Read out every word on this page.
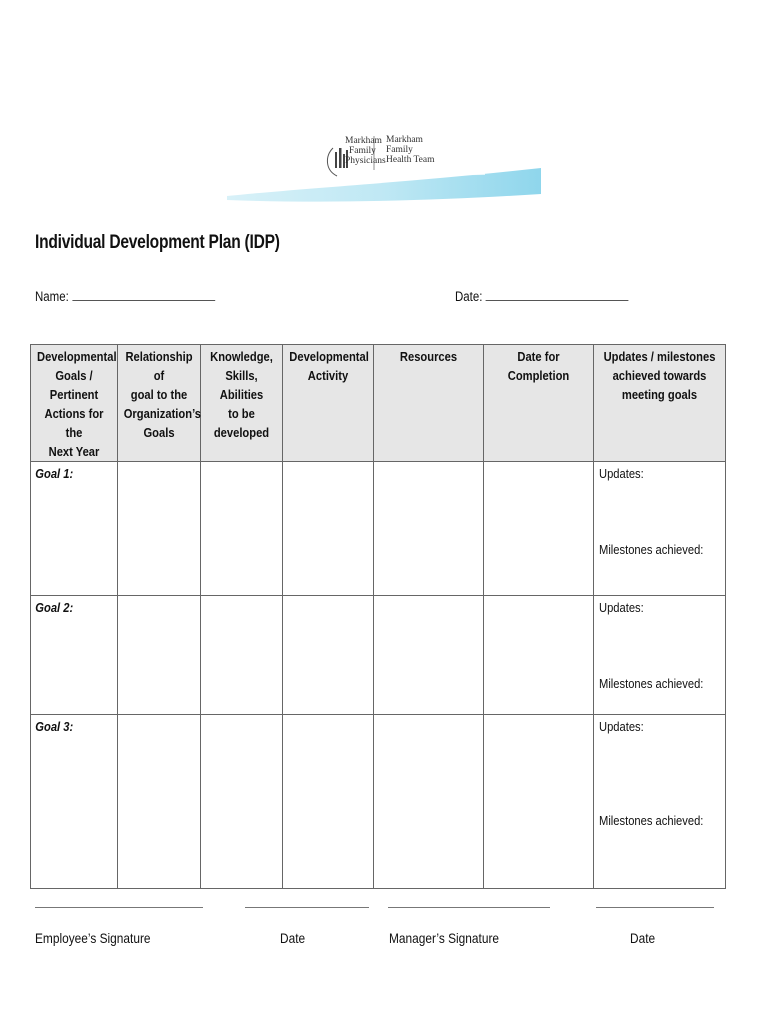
Markham
Family
Physicians
Markham
Family
Health Team
Individual Development Plan (IDP)
Name:	Date:
Developmental
Goals / Pertinent
Actions for the
Next Year	Relationship of
goal to the
Organization’s
Goals	Knowledge,
Skills, Abilities
to be
developed	Developmental
Activity	Resources	Date for Completion	Updates / milestones
achieved towards
meeting goals

Goal 1:						Updates:
Milestones achieved:

Goal 2:						Updates:
Milestones achieved:

Goal 3:						Updates:
Milestones achieved:
Employee’s Signature	Date	Manager’s Signature	Date
